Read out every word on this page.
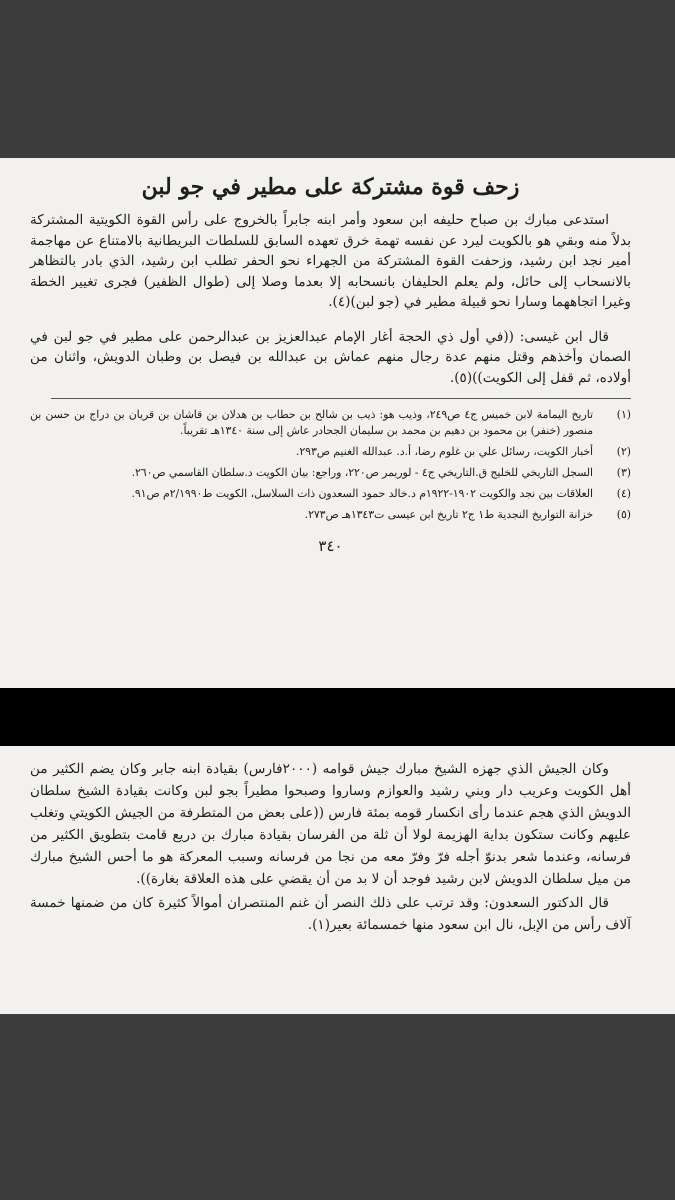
زحف قوة مشتركة على مطير في جو لبن

استدعى مبارك بن صباح حليفه ابن سعود وأمر ابنه جابراً بالخروج على رأس القوة الكويتية المشتركة بدلاً منه وبقي هو بالكويت ليرد عن نفسه تهمة خرق تعهده السابق للسلطات البريطانية بالامتناع عن مهاجمة أمير نجد ابن رشيد، وزحفت القوة المشتركة من الجهراء نحو الحفر تطلب ابن رشيد، الذي بادر بالتظاهر بالانسحاب إلى حائل، ولم يعلم الحليفان بانسحابه إلا بعدما وصلا إلى (طوال الظفير) فجرى تغيير الخطة وغيرا اتجاههما وسارا نحو قبيلة مطير في (جو لبن)(٤).

قال ابن غيسى: ((في أول ذي الحجة أغار الإمام عبدالعزيز بن عبدالرحمن على مطير في جو لبن في الصمان وأخذهم وقتل منهم عدة رجال منهم عماش بن عبدالله بن فيصل بن وطبان الدويش، واثنان من أولاده، ثم قفل إلى الكويت))(٥).

(١)
تاريخ اليمامة لابن خميس ج٤ ص٢٤٩، وذيب هو: ذيب بن شالح بن حطاب بن هدلان بن قاشان بن قريان بن دراج بن حسن بن منصور (خنفر) بن محمود بن دهيم بن محمد بن سليمان الجحادر عاش إلى سنة ١٣٤٠هـ تقريباً.
(٢)
أخبار الكويت، رسائل علي بن غلوم رضا، أ.د. عبدالله الغنيم ص٢٩٣.
(٣)
السجل التاريخي للخليج ق.التاريخي ج٤ - لوريمر ص٢٢٠، وراجع: بيان الكويت د.سلطان القاسمي ص٢٦٠.
(٤)
العلاقات بين نجد والكويت ١٩٠٢-١٩٢٢م د.خالد حمود السعدون ذات السلاسل، الكويت ط٢/١٩٩٠م ص٩١.
(٥)
خزانة التواريخ النجدية ط١ ج٢ تاريخ ابن عيسى ت١٣٤٣هـ ص٢٧٣.
٣٤٠

وكان الجيش الذي جهزه الشيخ مبارك جيش قوامه (٢٠٠٠فارس) بقيادة ابنه جابر وكان يضم الكثير من أهل الكويت وعريب دار وبني رشيد والعوازم وساروا وصبحوا مطيراً بجو لبن وكانت بقيادة الشيخ سلطان الدويش الذي هجم عندما رأى انكسار قومه بمئة فارس ((على بعض من المتطرفة من الجيش الكويتي وتغلب عليهم وكانت ستكون بداية الهزيمة لولا أن ثلة من الفرسان بقيادة مبارك بن دريع قامت بتطويق الكثير من فرسانه، وعندما شعر بدنوّ أجله فرّ وفرّ معه من نجا من فرسانه وسبب المعركة هو ما أحس الشيخ مبارك من ميل سلطان الدويش لابن رشيد فوجد أن لا بد من أن يقضي على هذه العلاقة بغارة)).

قال الدكتور السعدون: وقد ترتب على ذلك النصر أن غنم المنتصران أموالاً كثيرة كان من ضمنها خمسة آلاف رأس من الإبل، نال ابن سعود منها خمسمائة بعير(١).
